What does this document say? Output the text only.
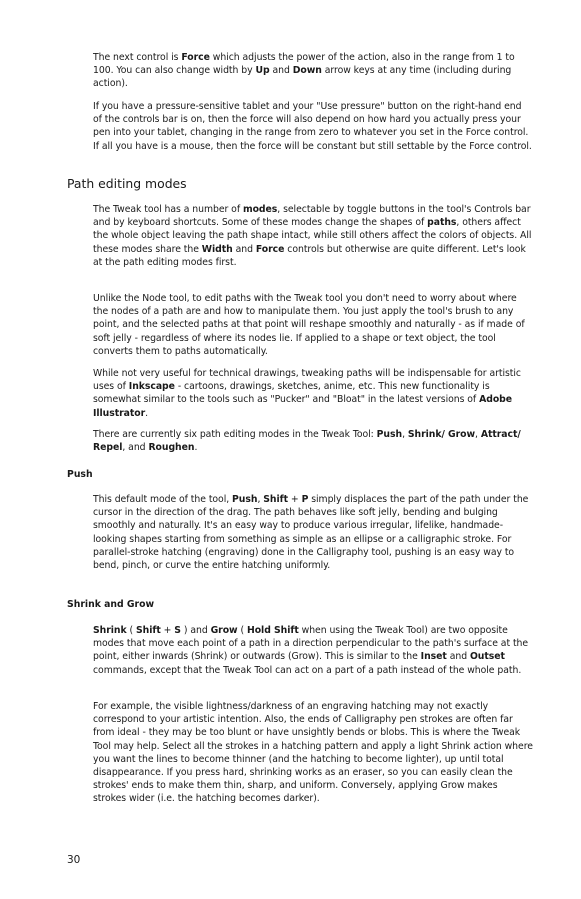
The next control is Force which adjusts the power of the action, also in the range from 1 to 100. You can also change width by Up and Down arrow keys at any time (including during action).

If you have a pressure-sensitive tablet and your "Use pressure" button on the right-hand end of the controls bar is on, then the force will also depend on how hard you actually press your pen into your tablet, changing in the range from zero to whatever you set in the Force control. If all you have is a mouse, then the force will be constant but still settable by the Force control.

Path editing modes

The Tweak tool has a number of modes, selectable by toggle buttons in the tool's Controls bar and by keyboard shortcuts. Some of these modes change the shapes of paths, others affect the whole object leaving the path shape intact, while still others affect the colors of objects. All these modes share the Width and Force controls but otherwise are quite different. Let's look at the path editing modes first.

Unlike the Node tool, to edit paths with the Tweak tool you don't need to worry about where the nodes of a path are and how to manipulate them. You just apply the tool's brush to any point, and the selected paths at that point will reshape smoothly and naturally - as if made of soft jelly - regardless of where its nodes lie. If applied to a shape or text object, the tool converts them to paths automatically.

While not very useful for technical drawings, tweaking paths will be indispensable for artistic uses of Inkscape - cartoons, drawings, sketches, anime, etc. This new functionality is somewhat similar to the tools such as "Pucker" and "Bloat" in the latest versions of Adobe Illustrator.

There are currently six path editing modes in the Tweak Tool: Push, Shrink/ Grow, Attract/ Repel, and Roughen.

Push

This default mode of the tool, Push, Shift + P simply displaces the part of the path under the cursor in the direction of the drag. The path behaves like soft jelly, bending and bulging smoothly and naturally. It's an easy way to produce various irregular, lifelike, handmade-looking shapes starting from something as simple as an ellipse or a calligraphic stroke. For parallel-stroke hatching (engraving) done in the Calligraphy tool, pushing is an easy way to bend, pinch, or curve the entire hatching uniformly.

Shrink and Grow

Shrink ( Shift + S ) and Grow ( Hold Shift when using the Tweak Tool) are two opposite modes that move each point of a path in a direction perpendicular to the path's surface at the point, either inwards (Shrink) or outwards (Grow). This is similar to the Inset and Outset commands, except that the Tweak Tool can act on a part of a path instead of the whole path.

For example, the visible lightness/darkness of an engraving hatching may not exactly correspond to your artistic intention. Also, the ends of Calligraphy pen strokes are often far from ideal - they may be too blunt or have unsightly bends or blobs. This is where the Tweak Tool may help. Select all the strokes in a hatching pattern and apply a light Shrink action where you want the lines to become thinner (and the hatching to become lighter), up until total disappearance. If you press hard, shrinking works as an eraser, so you can easily clean the strokes' ends to make them thin, sharp, and uniform. Conversely, applying Grow makes strokes wider (i.e. the hatching becomes darker).

30
